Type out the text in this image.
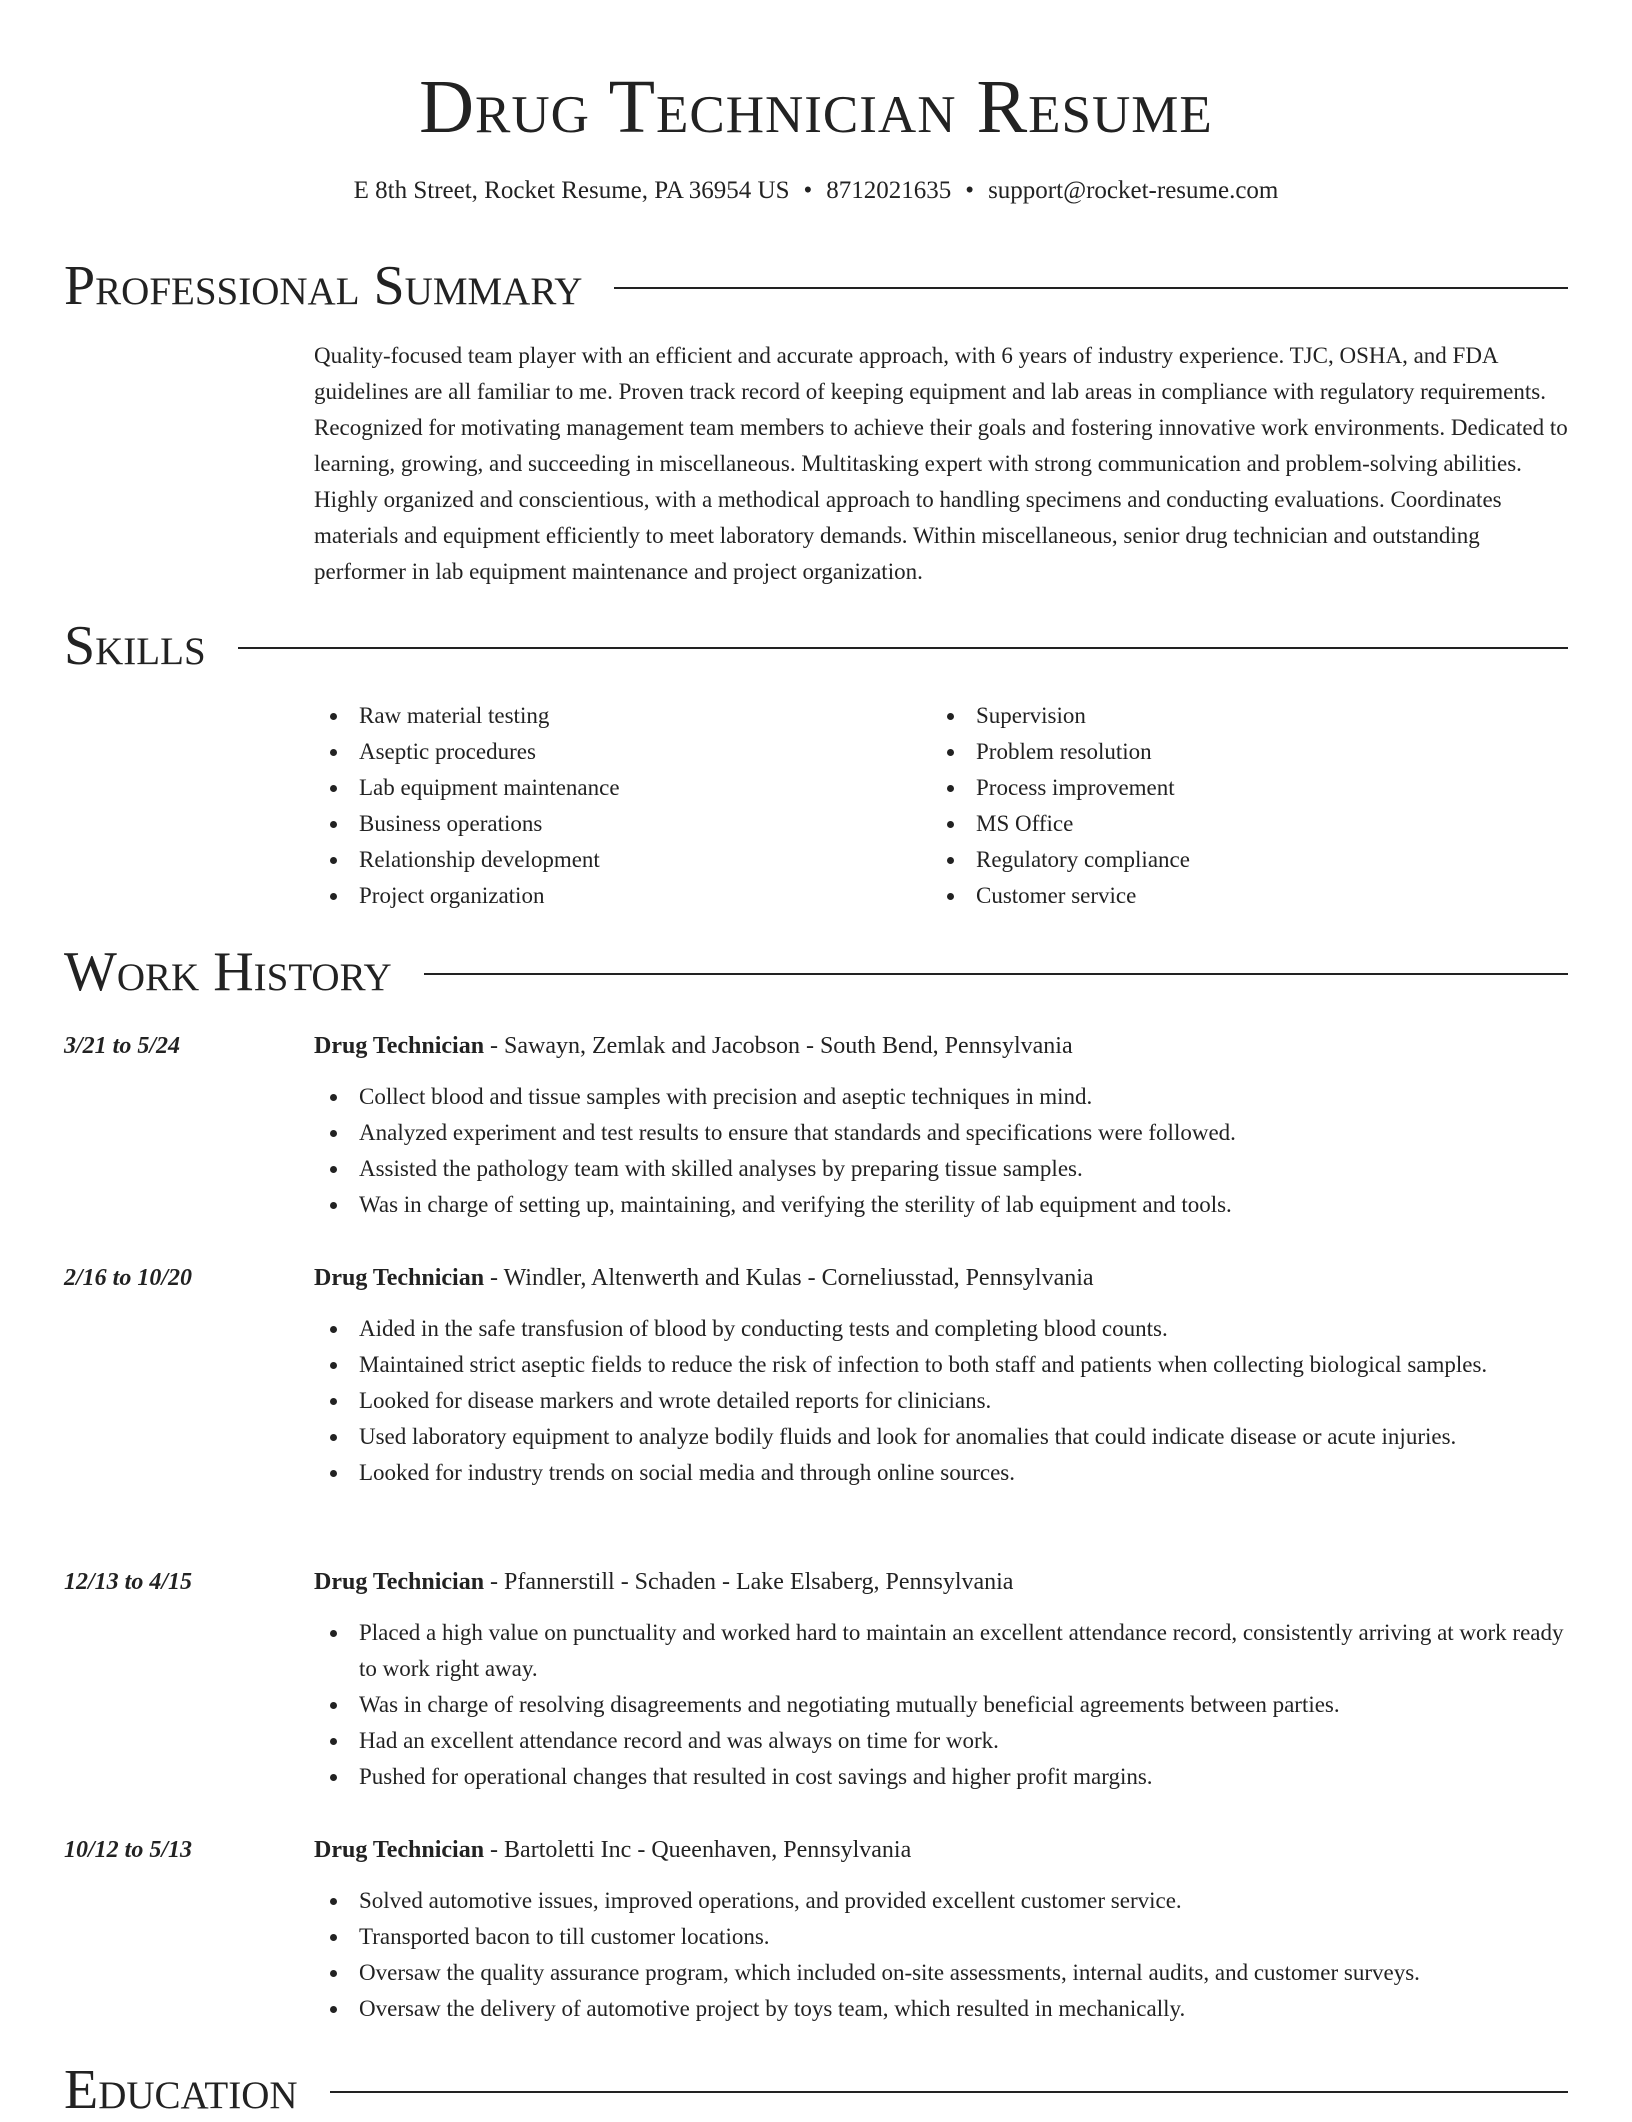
Drug Technician Resume
E 8th Street, Rocket Resume, PA 36954 US • 8712021635 • support@rocket-resume.com
Professional Summary

Quality-focused team player with an efficient and accurate approach, with 6 years of industry experience. TJC, OSHA, and FDA guidelines are all familiar to me. Proven track record of keeping equipment and lab areas in compliance with regulatory requirements. Recognized for motivating management team members to achieve their goals and fostering innovative work environments. Dedicated to learning, growing, and succeeding in miscellaneous. Multitasking expert with strong communication and problem-solving abilities. Highly organized and conscientious, with a methodical approach to handling specimens and conducting evaluations. Coordinates materials and equipment efficiently to meet laboratory demands. Within miscellaneous, senior drug technician and outstanding performer in lab equipment maintenance and project organization.

Skills
Raw material testing
Aseptic procedures
Lab equipment maintenance
Business operations
Relationship development
Project organization
Supervision
Problem resolution
Process improvement
MS Office
Regulatory compliance
Customer service
Work History
3/21 to 5/24	Drug Technician - Sawayn, Zemlak and Jacobson - South Bend, Pennsylvania
Collect blood and tissue samples with precision and aseptic techniques in mind.
Analyzed experiment and test results to ensure that standards and specifications were followed.
Assisted the pathology team with skilled analyses by preparing tissue samples.
Was in charge of setting up, maintaining, and verifying the sterility of lab equipment and tools.
2/16 to 10/20	Drug Technician - Windler, Altenwerth and Kulas - Corneliusstad, Pennsylvania
Aided in the safe transfusion of blood by conducting tests and completing blood counts.
Maintained strict aseptic fields to reduce the risk of infection to both staff and patients when collecting biological samples.
Looked for disease markers and wrote detailed reports for clinicians.
Used laboratory equipment to analyze bodily fluids and look for anomalies that could indicate disease or acute injuries.
Looked for industry trends on social media and through online sources.
12/13 to 4/15	Drug Technician - Pfannerstill - Schaden - Lake Elsaberg, Pennsylvania
Placed a high value on punctuality and worked hard to maintain an excellent attendance record, consistently arriving at work ready to work right away.
Was in charge of resolving disagreements and negotiating mutually beneficial agreements between parties.
Had an excellent attendance record and was always on time for work.
Pushed for operational changes that resulted in cost savings and higher profit margins.
10/12 to 5/13	Drug Technician - Bartoletti Inc - Queenhaven, Pennsylvania
Solved automotive issues, improved operations, and provided excellent customer service.
Transported bacon to till customer locations.
Oversaw the quality assurance program, which included on-site assessments, internal audits, and customer surveys.
Oversaw the delivery of automotive project by toys team, which resulted in mechanically.
Education
